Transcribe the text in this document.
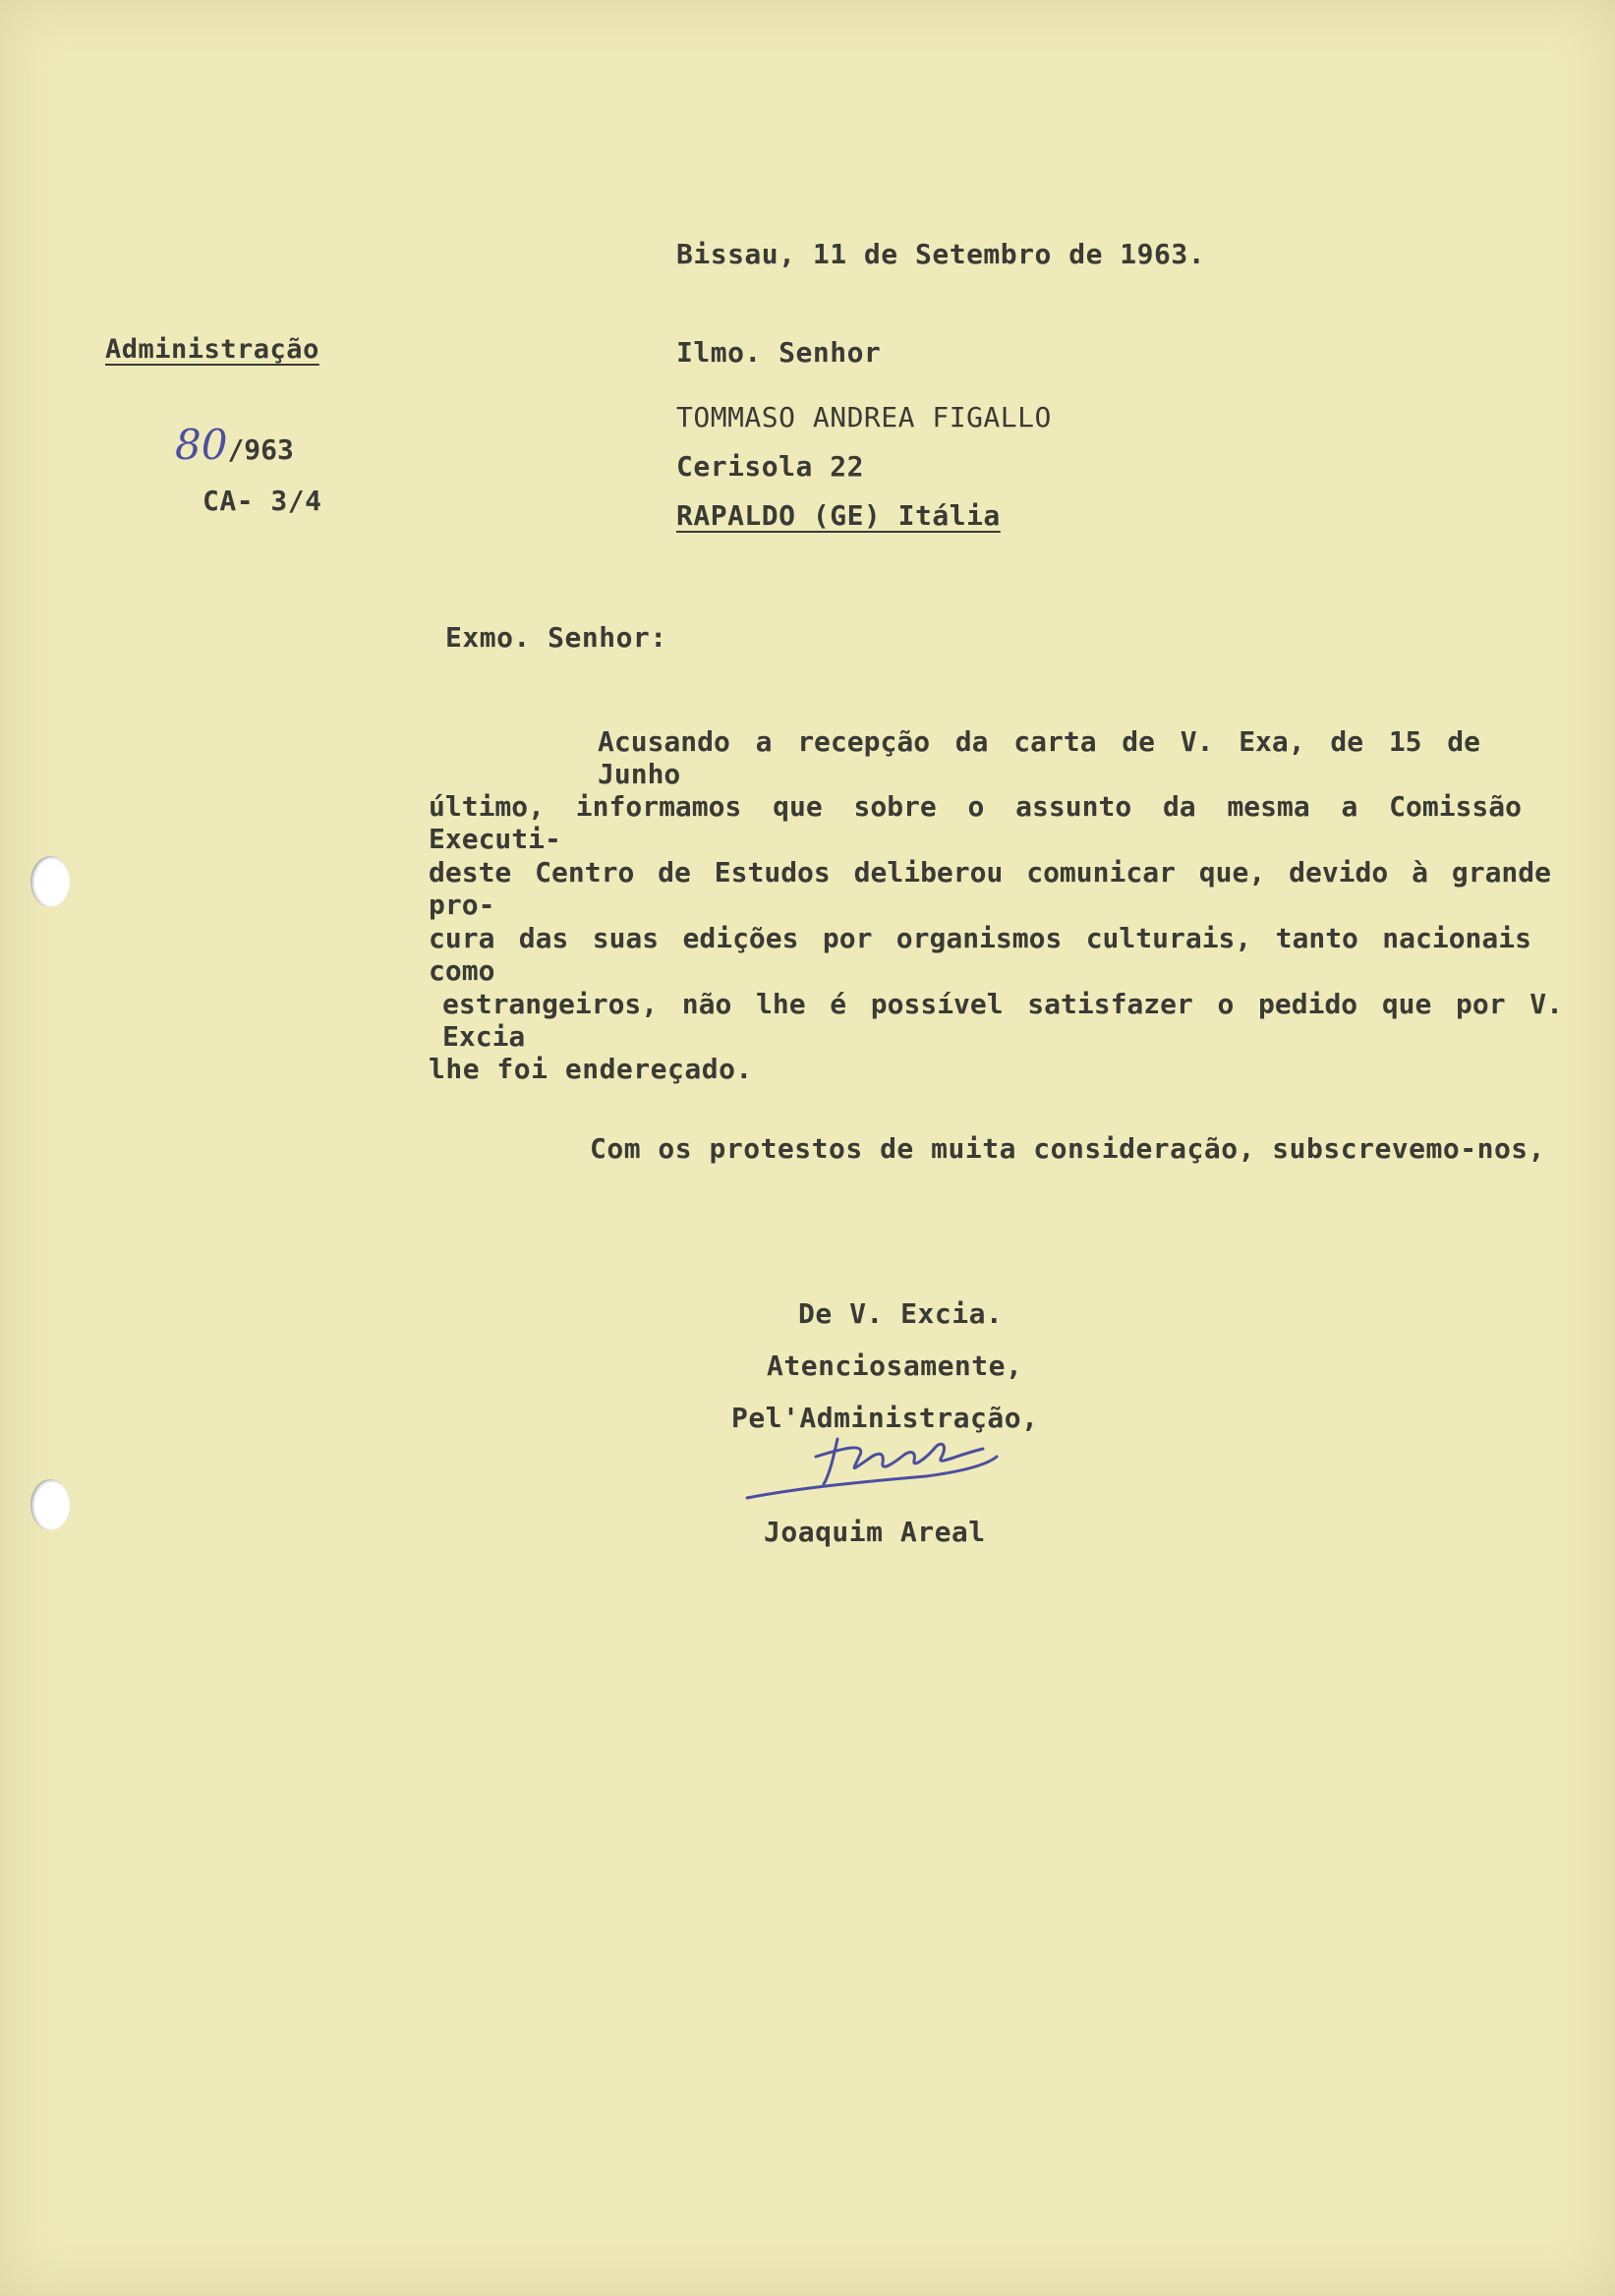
Bissau, 11 de Setembro de 1963.
Administração
80/963
CA- 3/4
Ilmo. Senhor
TOMMASO ANDREA FIGALLO
Cerisola 22
RAPALDO (GE) Itália
Exmo. Senhor:
Acusando a recepção da carta de V. Exa, de 15 de Junho
último, informamos que sobre o assunto da mesma a Comissão Executi-
deste Centro de Estudos deliberou comunicar que, devido à grande pro-
cura das suas edições por organismos culturais, tanto nacionais como
estrangeiros, não lhe é possível satisfazer o pedido que por V. Excia
lhe foi endereçado.
Com os protestos de muita consideração, subscrevemo-nos,
De V. Excia.
Atenciosamente,
Pel'Administração,
Joaquim Areal
